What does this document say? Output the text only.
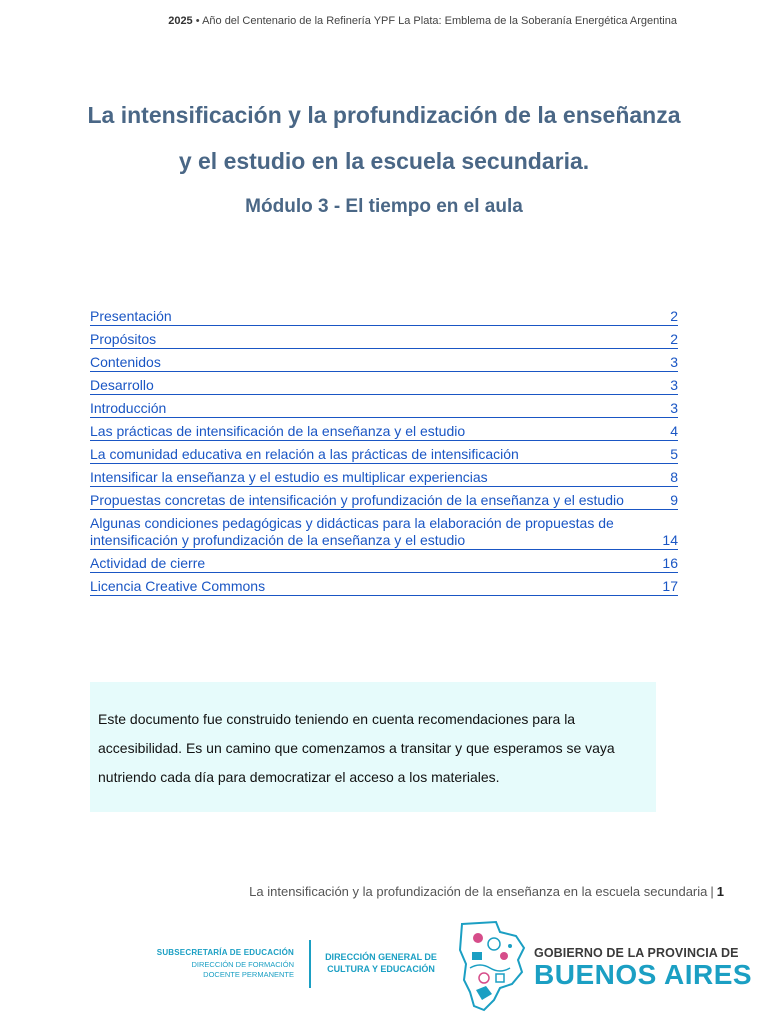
2025 • Año del Centenario de la Refinería YPF La Plata: Emblema de la Soberanía Energética Argentina
La intensificación y la profundización de la enseñanza
y el estudio en la escuela secundaria.
Módulo 3 - El tiempo en el aula
Presentación	2
Propósitos	2
Contenidos	3
Desarrollo	3
Introducción	3
Las prácticas de intensificación de la enseñanza y el estudio	4
La comunidad educativa en relación a las prácticas de intensificación	5
Intensificar la enseñanza y el estudio es multiplicar experiencias	8
Propuestas concretas de intensificación y profundización de la enseñanza y el estudio	9
Algunas condiciones pedagógicas y didácticas para la elaboración de propuestas de intensificación y profundización de la enseñanza y el estudio	14
Actividad de cierre	16
Licencia Creative Commons	17
Este documento fue construido teniendo en cuenta recomendaciones para la accesibilidad. Es un camino que comenzamos a transitar y que esperamos se vaya nutriendo cada día para democratizar el acceso a los materiales.
La intensificación y la profundización de la enseñanza en la escuela secundaria | 1
SUBSECRETARÍA DE EDUCACIÓN
DIRECCIÓN DE FORMACIÓN
DOCENTE PERMANENTE
DIRECCIÓN GENERAL DE
CULTURA Y EDUCACIÓN
GOBIERNO DE LA PROVINCIA DE
BUENOS AIRES
